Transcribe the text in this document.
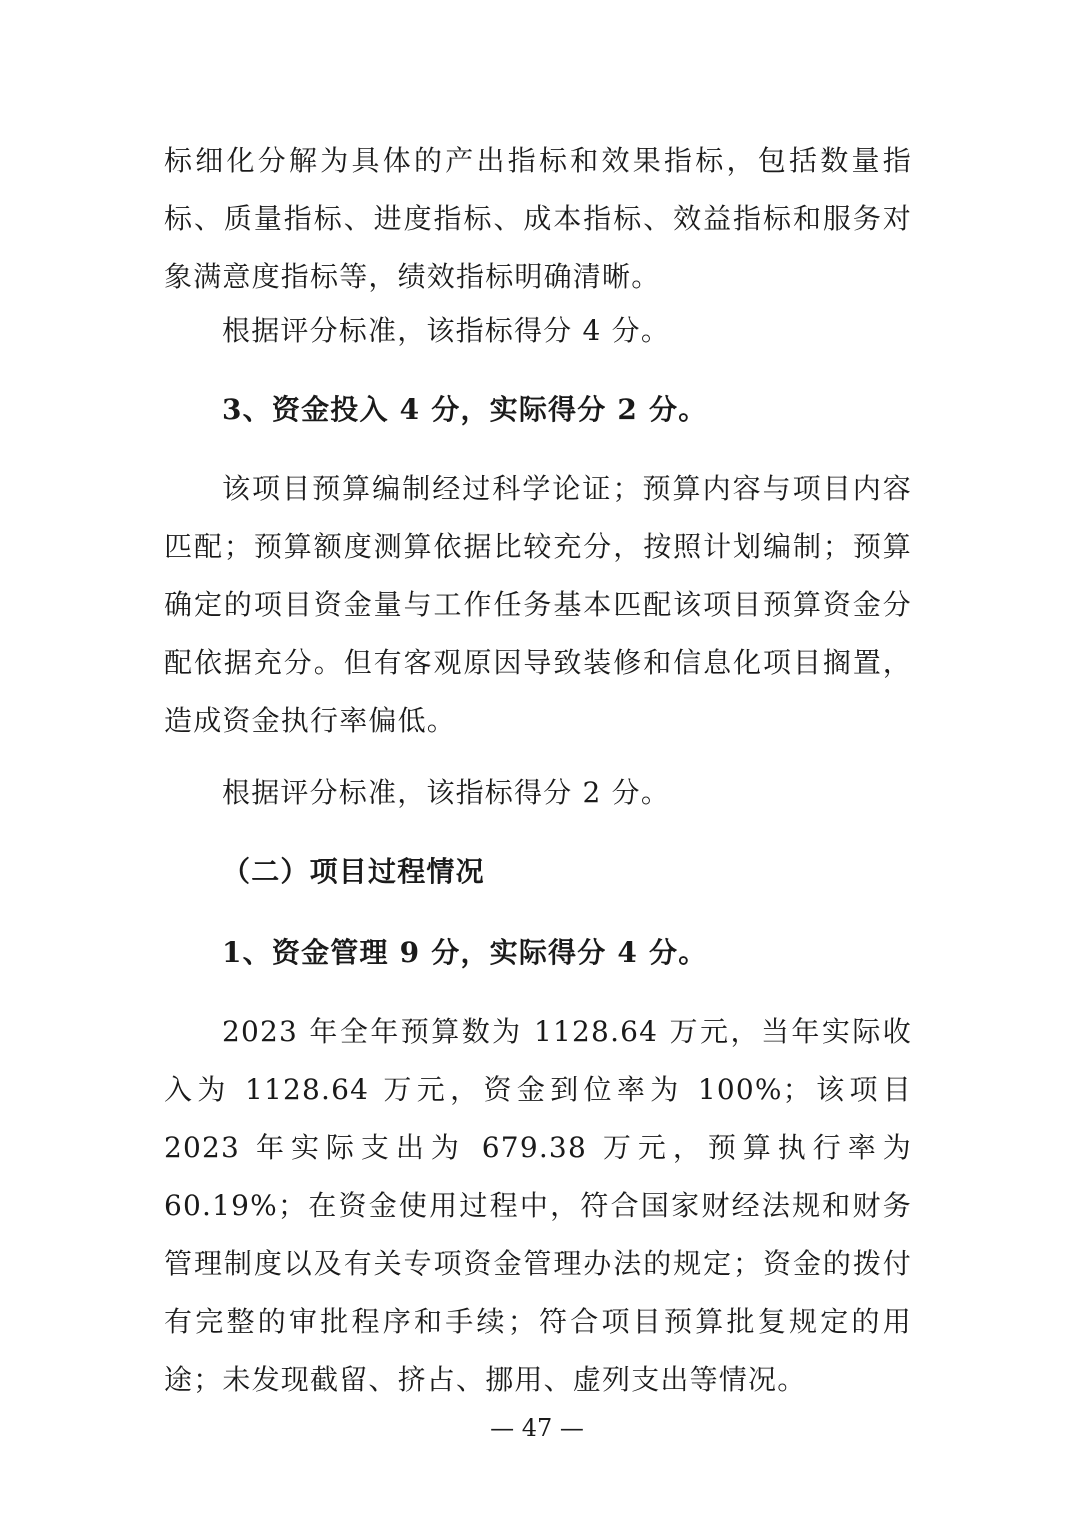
标细化分解为具体的产出指标和效果指标，包括数量指标、质量指标、进度指标、成本指标、效益指标和服务对象满意度指标等，绩效指标明确清晰。

根据评分标准，该指标得分 4 分。

3、资金投入 4 分，实际得分 2 分。

该项目预算编制经过科学论证；预算内容与项目内容匹配；预算额度测算依据比较充分，按照计划编制；预算确定的项目资金量与工作任务基本匹配该项目预算资金分配依据充分。但有客观原因导致装修和信息化项目搁置，造成资金执行率偏低。

根据评分标准，该指标得分 2 分。

（二）项目过程情况

1、资金管理 9 分，实际得分 4 分。

2023 年全年预算数为 1128.64 万元，当年实际收入为 1128.64 万元，资金到位率为 100%；该项目 2023 年实际支出为 679.38 万元，预算执行率为 60.19%；在资金使用过程中，符合国家财经法规和财务管理制度以及有关专项资金管理办法的规定；资金的拨付有完整的审批程序和手续；符合项目预算批复规定的用途；未发现截留、挤占、挪用、虚列支出等情况。

— 47 —
